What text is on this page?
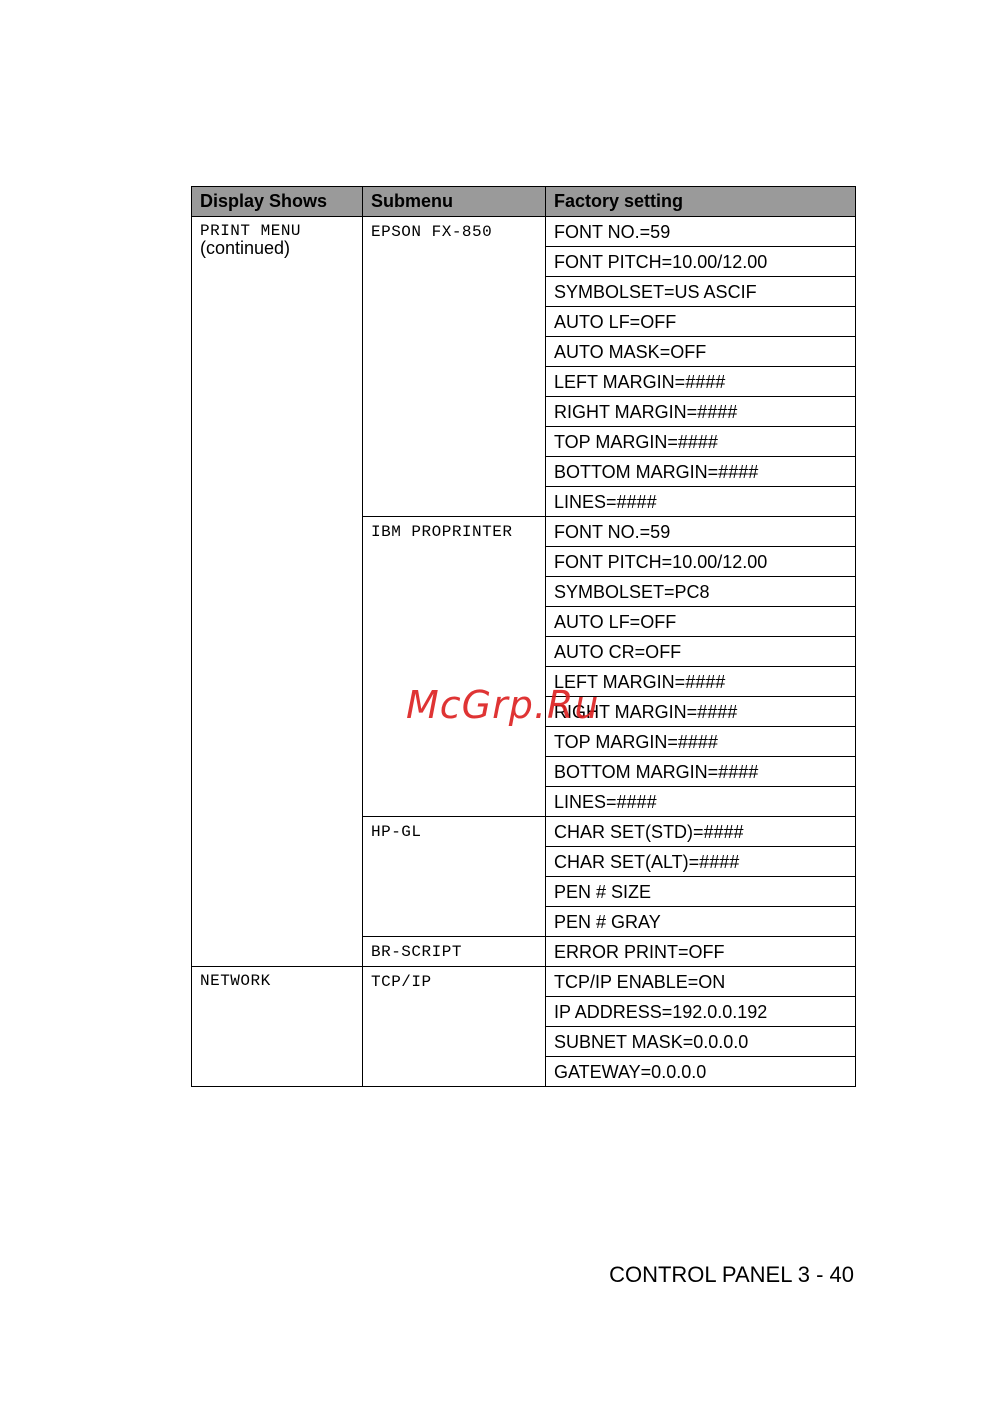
Display Shows	Submenu	Factory setting

PRINT MENU
(continued)	EPSON FX-850	FONT NO.=59
		FONT PITCH=10.00/12.00
		SYMBOLSET=US ASCIF
		AUTO LF=OFF
		AUTO MASK=OFF
		LEFT MARGIN=####
		RIGHT MARGIN=####
		TOP MARGIN=####
		BOTTOM MARGIN=####
		LINES=####
	IBM PROPRINTER	FONT NO.=59
		FONT PITCH=10.00/12.00
		SYMBOLSET=PC8
		AUTO LF=OFF
		AUTO CR=OFF
		LEFT MARGIN=####
		RIGHT MARGIN=####
		TOP MARGIN=####
		BOTTOM MARGIN=####
		LINES=####
	HP-GL	CHAR SET(STD)=####
		CHAR SET(ALT)=####
		PEN # SIZE
		PEN # GRAY
	BR-SCRIPT	ERROR PRINT=OFF

NETWORK	TCP/IP	TCP/IP ENABLE=ON
		IP ADDRESS=192.0.0.192
		SUBNET MASK=0.0.0.0
		GATEWAY=0.0.0.0
McGrp.Ru
CONTROL PANEL 3 - 40
